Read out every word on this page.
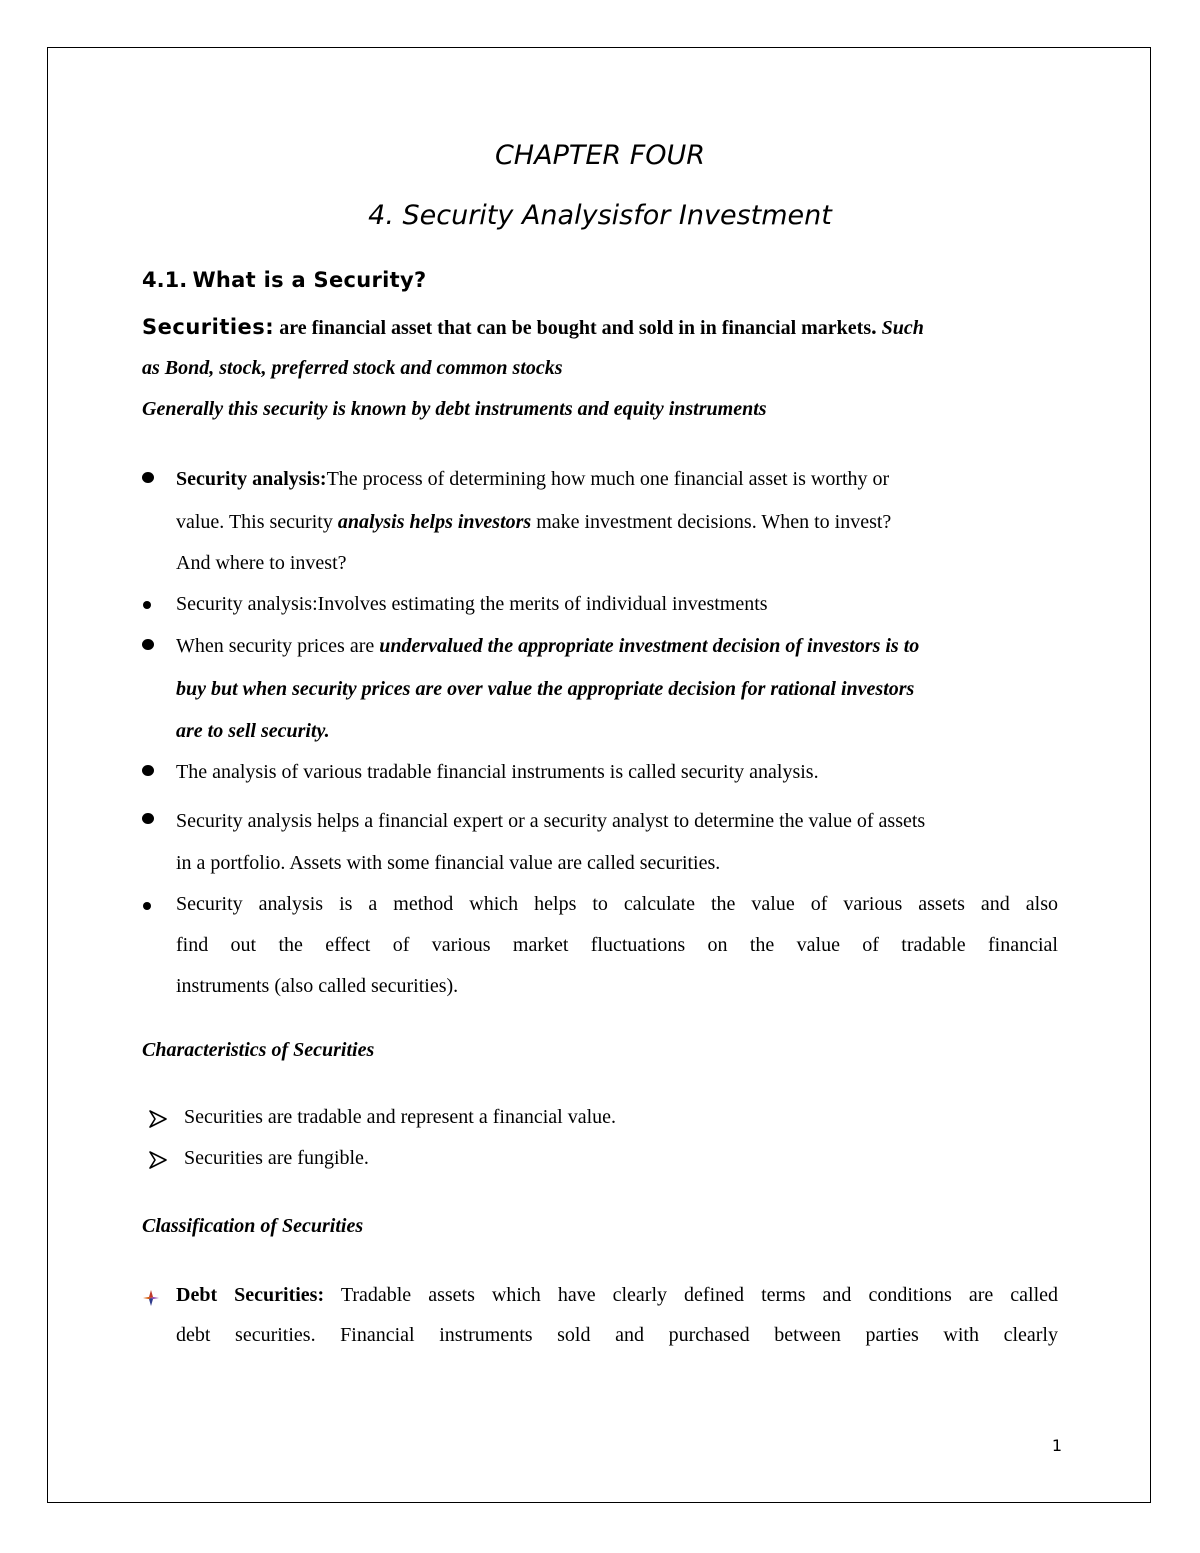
CHAPTER FOUR
4. Security Analysisfor Investment
4.1. What is a Security?
Securities: are financial asset that can be bought and sold in in financial markets. Such
as Bond, stock, preferred stock and common stocks
Generally this security is known by debt instruments and equity instruments
Security analysis:The process of determining how much one financial asset is worthy or
value. This security analysis helps investors make investment decisions. When to invest?
And where to invest?
Security analysis:Involves estimating the merits of individual investments
When security prices are undervalued the appropriate investment decision of investors is to
buy but when security prices are over value the appropriate decision for rational investors
are to sell security.
The analysis of various tradable financial instruments is called security analysis.
Security analysis helps a financial expert or a security analyst to determine the value of assets
in a portfolio. Assets with some financial value are called securities.
Security analysis is a method which helps to calculate the value of various assets and also
find out the effect of various market fluctuations on the value of tradable financial
instruments (also called securities).
Characteristics of Securities
Securities are tradable and represent a financial value.
Securities are fungible.
Classification of Securities
Debt Securities: Tradable assets which have clearly defined terms and conditions are called
debt securities. Financial instruments sold and purchased between parties with clearly
1
